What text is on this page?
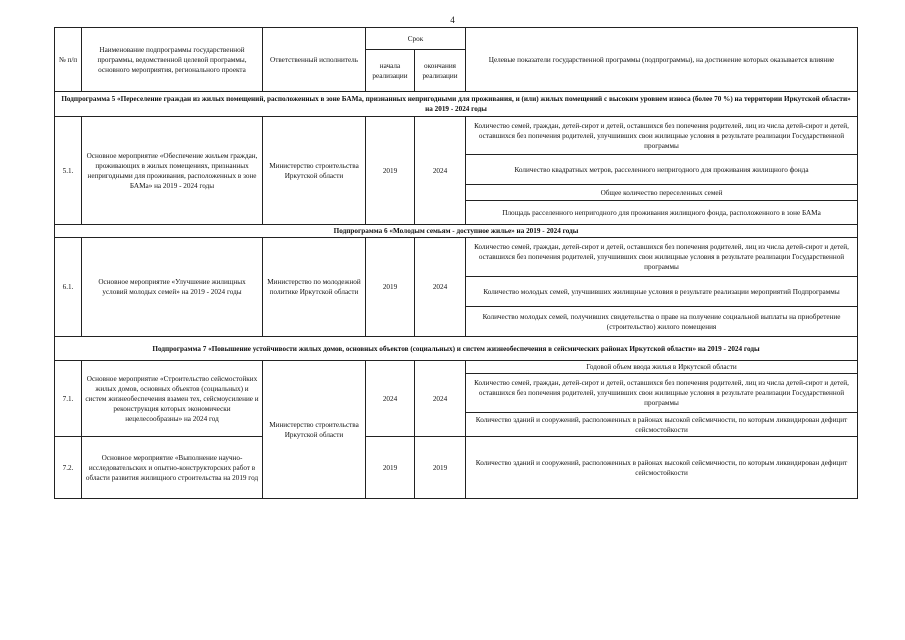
4
№ п/п	Наименование подпрограммы государственной программы, ведомственной целевой программы, основного мероприятия, регионального проекта	Ответственный исполнитель	Срок		Целевые показатели государственной программы (подпрограммы), на достижение которых оказывается влияние
			начала реализации	окончания реализации	
Подпрограмма 5 «Переселение граждан из жилых помещений, расположенных в зоне БАМа, признанных непригодными для проживания, и (или) жилых помещений с высоким уровнем износа (более 70 %) на территории Иркутской области» на 2019 - 2024 годы					
5.1.	Основное мероприятие «Обеспечение жильем граждан, проживающих в жилых помещениях, признанных непригодными для проживания, расположенных в зоне БАМа» на 2019 - 2024 годы	Министерство строительства Иркутской области	2019	2024	Количество семей, граждан, детей-сирот и детей, оставшихся без попечения родителей, лиц из числа детей-сирот и детей, оставшихся без попечения родителей, улучшивших свои жилищные условия в результате реализации Государственной программы
					Количество квадратных метров, расселенного непригодного для проживания жилищного фонда
					Общее количество переселенных семей
					Площадь расселенного непригодного для проживания жилищного фонда, расположенного в зоне БАМа
Подпрограмма 6 «Молодым семьям - доступное жилье» на 2019 - 2024 годы					
6.1.	Основное мероприятие «Улучшение жилищных условий молодых семей» на 2019 - 2024 годы	Министерство по молодежной политике Иркутской области	2019	2024	Количество семей, граждан, детей-сирот и детей, оставшихся без попечения родителей, лиц из числа детей-сирот и детей, оставшихся без попечения родителей, улучшивших свои жилищные условия в результате реализации Государственной программы
					Количество молодых семей, улучшивших жилищные условия в результате реализации мероприятий Подпрограммы
					Количество молодых семей, получивших свидетельства о праве на получение социальной выплаты на приобретение (строительство) жилого помещения
Подпрограмма 7 «Повышение устойчивости жилых домов, основных объектов (социальных) и систем жизнеобеспечения в сейсмических районах Иркутской области» на 2019 - 2024 годы					
7.1.	Основное мероприятие «Строительство сейсмостойких жилых домов, основных объектов (социальных) и систем жизнеобеспечения взамен тех, сейсмоусиление и реконструкция которых экономически нецелесообразны» на 2024 год	Министерство строительства Иркутской области	2024	2024	Годовой объем ввода жилья в Иркутской области
					Количество семей, граждан, детей-сирот и детей, оставшихся без попечения родителей, лиц из числа детей-сирот и детей, оставшихся без попечения родителей, улучшивших свои жилищные условия в результате реализации Государственной программы
					Количество зданий и сооружений, расположенных в районах высокой сейсмичности, по которым ликвидирован дефицит сейсмостойкости
7.2.	Основное мероприятие «Выполнение научно-исследовательских и опытно-конструкторских работ в области развития жилищного строительства на 2019 год		2019	2019	Количество зданий и сооружений, расположенных в районах высокой сейсмичности, по которым ликвидирован дефицит сейсмостойкости
